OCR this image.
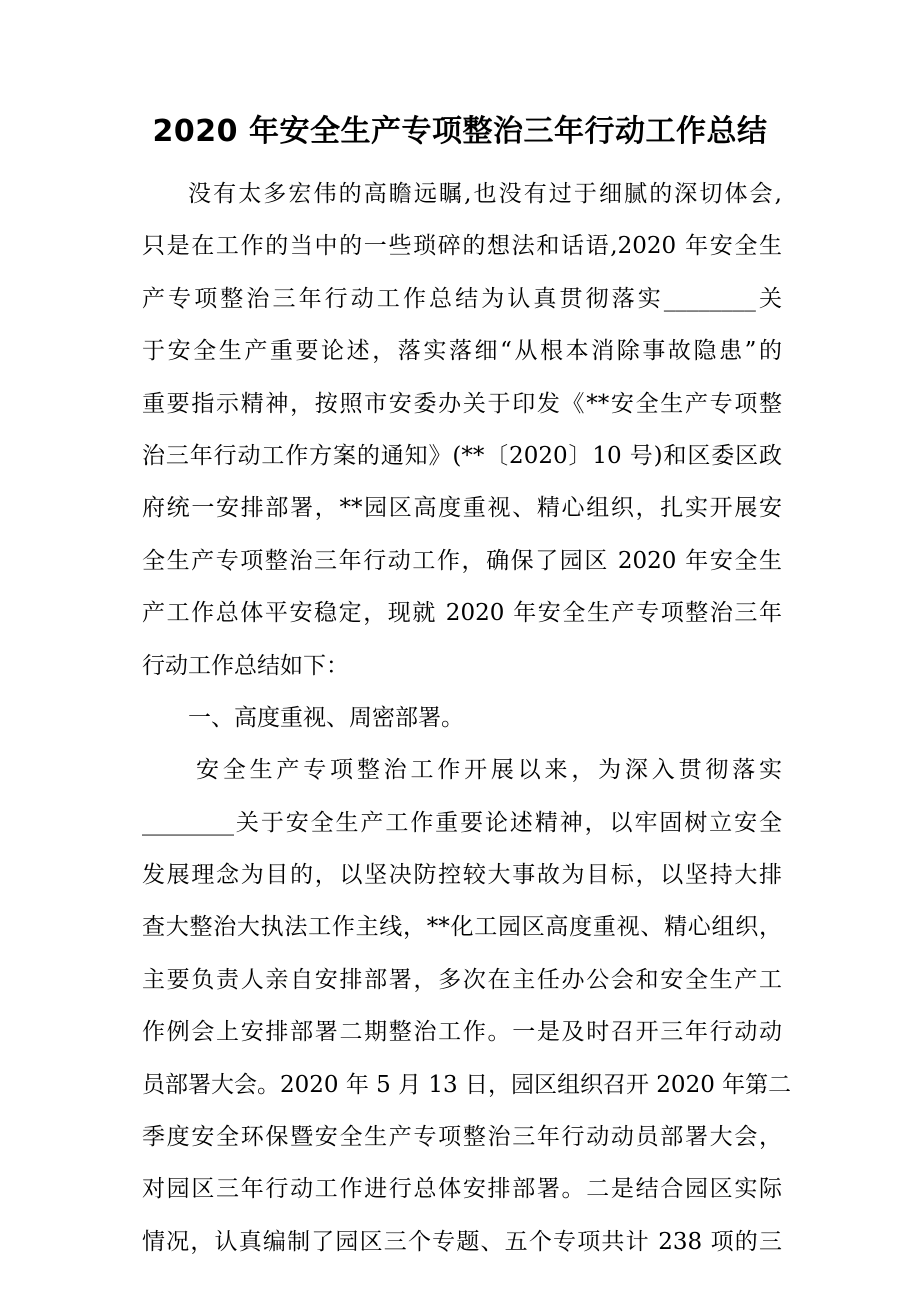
2020 年安全生产专项整治三年行动工作总结
没有太多宏伟的高瞻远瞩,也没有过于细腻的深切体会,
只是在工作的当中的一些琐碎的想法和话语,2020 年安全生
产专项整治三年行动工作总结为认真贯彻落实________关
于安全生产重要论述，落实落细“从根本消除事故隐患”的
重要指示精神，按照市安委办关于印发《**安全生产专项整
治三年行动工作方案的通知》(**〔2020〕10 号)和区委区政
府统一安排部署，**园区高度重视、精心组织，扎实开展安
全生产专项整治三年行动工作，确保了园区 2020 年安全生
产工作总体平安稳定，现就 2020 年安全生产专项整治三年
行动工作总结如下：
一、高度重视、周密部署。
安全生产专项整治工作开展以来，为深入贯彻落实
________关于安全生产工作重要论述精神，以牢固树立安全
发展理念为目的，以坚决防控较大事故为目标，以坚持大排
查大整治大执法工作主线，**化工园区高度重视、精心组织，
主要负责人亲自安排部署，多次在主任办公会和安全生产工
作例会上安排部署二期整治工作。一是及时召开三年行动动
员部署大会。2020 年 5 月 13 日，园区组织召开 2020 年第二
季度安全环保暨安全生产专项整治三年行动动员部署大会，
对园区三年行动工作进行总体安排部署。二是结合园区实际
情况，认真编制了园区三个专题、五个专项共计 238 项的三
